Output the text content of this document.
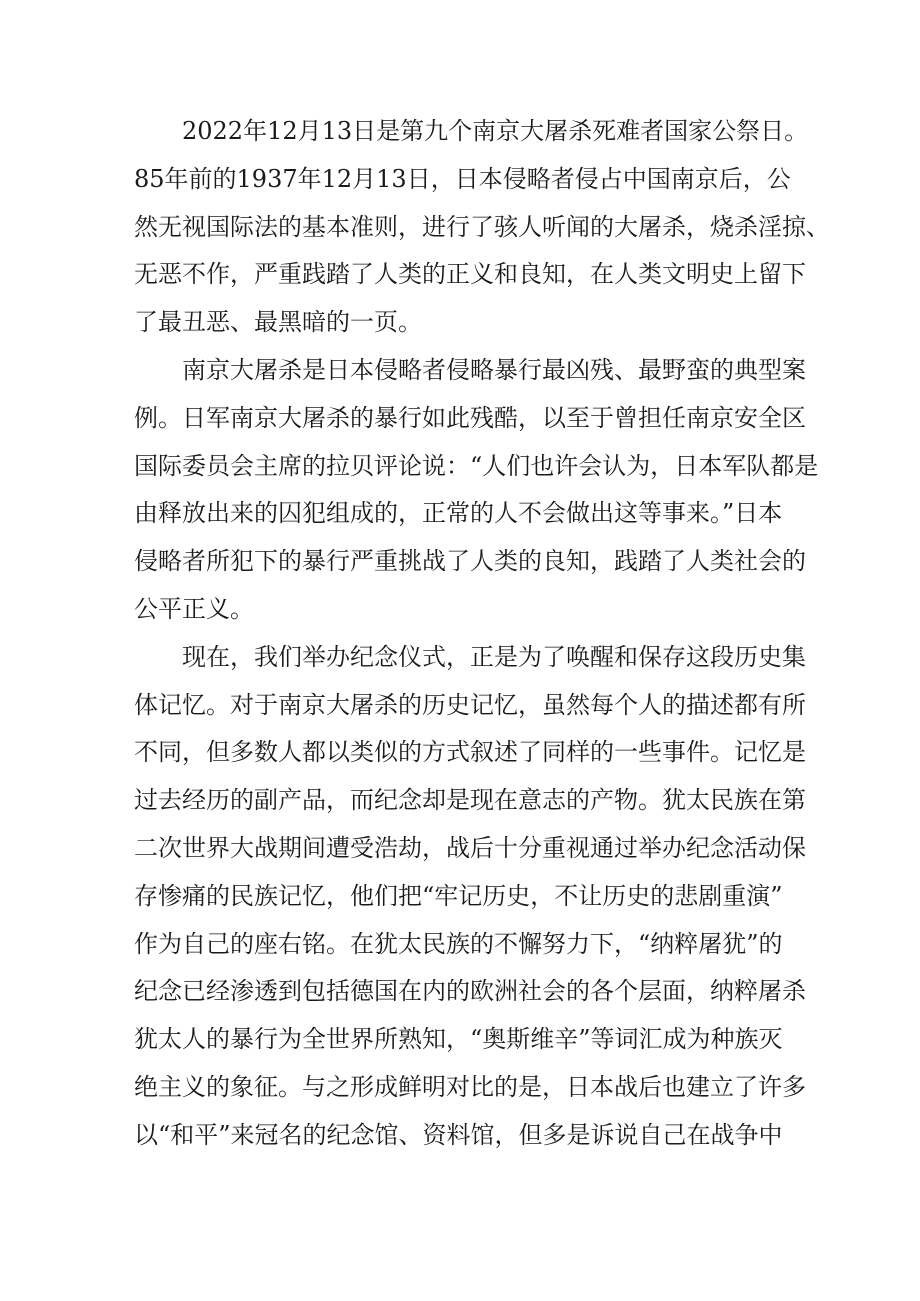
2022年12月13日是第九个南京大屠杀死难者国家公祭日。
85年前的1937年12月13日，日本侵略者侵占中国南京后，公
然无视国际法的基本准则，进行了骇人听闻的大屠杀，烧杀淫掠、
无恶不作，严重践踏了人类的正义和良知，在人类文明史上留下
了最丑恶、最黑暗的一页。

南京大屠杀是日本侵略者侵略暴行最凶残、最野蛮的典型案
例。日军南京大屠杀的暴行如此残酷，以至于曾担任南京安全区
国际委员会主席的拉贝评论说：“人们也许会认为，日本军队都是
由释放出来的囚犯组成的，正常的人不会做出这等事来。”日本
侵略者所犯下的暴行严重挑战了人类的良知，践踏了人类社会的
公平正义。

现在，我们举办纪念仪式，正是为了唤醒和保存这段历史集
体记忆。对于南京大屠杀的历史记忆，虽然每个人的描述都有所
不同，但多数人都以类似的方式叙述了同样的一些事件。记忆是
过去经历的副产品，而纪念却是现在意志的产物。犹太民族在第
二次世界大战期间遭受浩劫，战后十分重视通过举办纪念活动保
存惨痛的民族记忆，他们把“牢记历史，不让历史的悲剧重演”
作为自己的座右铭。在犹太民族的不懈努力下，“纳粹屠犹”的
纪念已经渗透到包括德国在内的欧洲社会的各个层面，纳粹屠杀
犹太人的暴行为全世界所熟知，“奥斯维辛”等词汇成为种族灭
绝主义的象征。与之形成鲜明对比的是，日本战后也建立了许多
以“和平”来冠名的纪念馆、资料馆，但多是诉说自己在战争中
